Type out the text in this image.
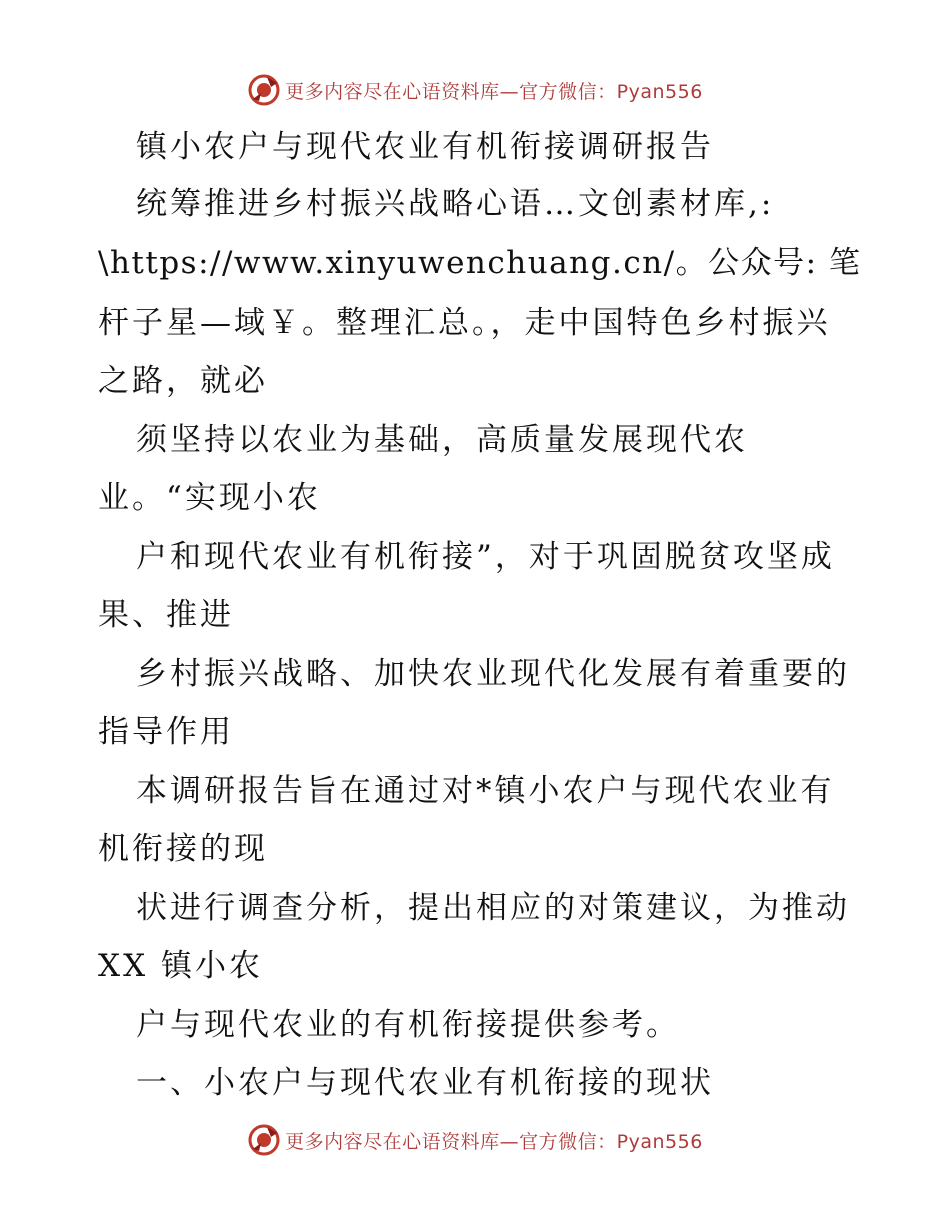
更多内容尽在心语资料库—官方微信：Pyan556
镇小农户与现代农业有机衔接调研报告
统筹推进乡村振兴战略心语…文创素材库,:
\https://www.xinyuwenchuang.cn/。公众号: 笔
杆子星—域￥。整理汇总。，走中国特色乡村振兴
之路，就必
须坚持以农业为基础，高质量发展现代农
业。“实现小农
户和现代农业有机衔接”，对于巩固脱贫攻坚成
果、推进
乡村振兴战略、加快农业现代化发展有着重要的
指导作用
本调研报告旨在通过对*镇小农户与现代农业有
机衔接的现
状进行调查分析，提出相应的对策建议，为推动
XX 镇小农
户与现代农业的有机衔接提供参考。
一、小农户与现代农业有机衔接的现状
更多内容尽在心语资料库—官方微信：Pyan556
